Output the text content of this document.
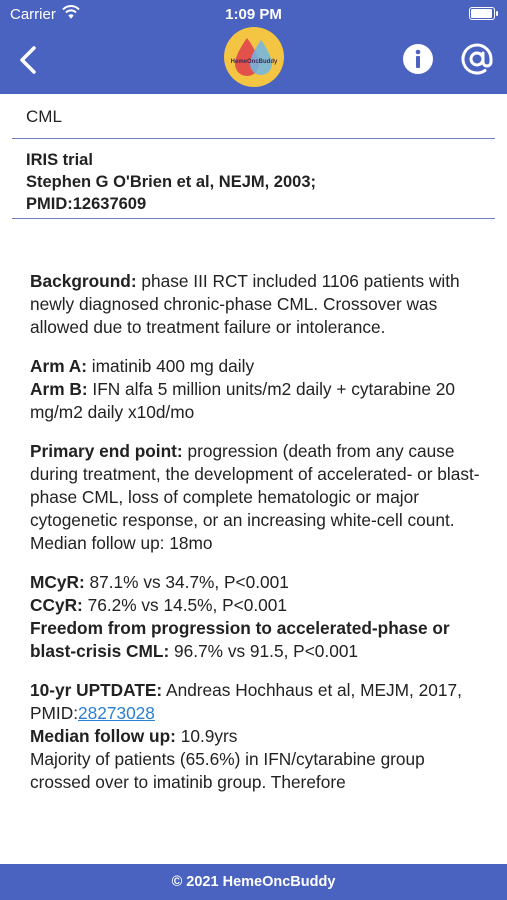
Carrier	1:09 PM
HemeOncBuddy
CML
IRIS trial
Stephen G O'Brien et al, NEJM, 2003;
PMID:12637609

Background: phase III RCT included 1106 patients with newly diagnosed chronic-phase CML. Crossover was allowed due to treatment failure or intolerance.

Arm A: imatinib 400 mg daily
Arm B: IFN alfa 5 million units/m2 daily + cytarabine 20 mg/m2 daily x10d/mo

Primary end point: progression (death from any cause during treatment, the development of accelerated- or blast-phase CML, loss of complete hematologic or major cytogenetic response, or an increasing white-cell count. Median follow up: 18mo

MCyR: 87.1% vs 34.7%, P<0.001
CCyR: 76.2% vs 14.5%, P<0.001
Freedom from progression to accelerated-phase or blast-crisis CML: 96.7% vs 91.5, P<0.001

10-yr UPTDATE: Andreas Hochhaus et al, MEJM, 2017, PMID:28273028
Median follow up: 10.9yrs
Majority of patients (65.6%) in IFN/cytarabine group crossed over to imatinib group. Therefore

© 2021 HemeOncBuddy
